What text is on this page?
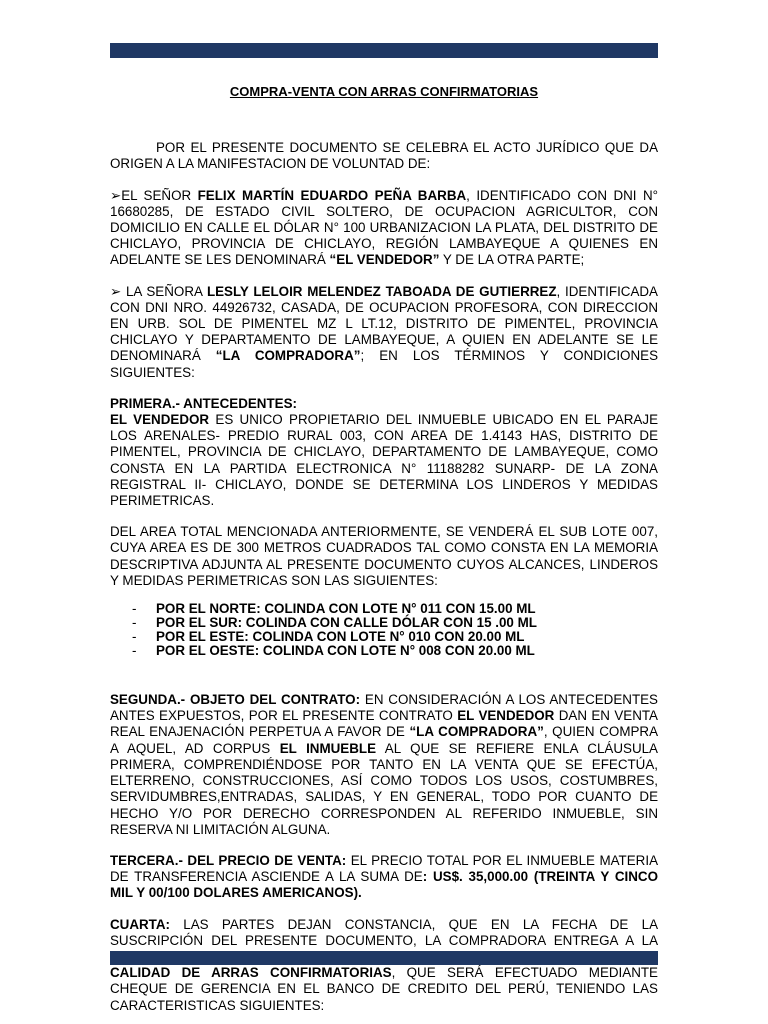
COMPRA-VENTA CON ARRAS CONFIRMATORIAS

POR EL PRESENTE DOCUMENTO SE CELEBRA EL ACTO JURÍDICO QUE DA ORIGEN A LA MANIFESTACION DE VOLUNTAD DE:

➢EL SEÑOR FELIX MARTÍN EDUARDO PEÑA BARBA, IDENTIFICADO CON DNI N° 16680285, DE ESTADO CIVIL SOLTERO, DE OCUPACION AGRICULTOR, CON DOMICILIO EN CALLE EL DÓLAR N° 100 URBANIZACION LA PLATA, DEL DISTRITO DE CHICLAYO, PROVINCIA DE CHICLAYO, REGIÓN LAMBAYEQUE A QUIENES EN ADELANTE SE LES DENOMINARÁ “EL VENDEDOR” Y DE LA OTRA PARTE;

➢ LA SEÑORA LESLY LELOIR MELENDEZ TABOADA DE GUTIERREZ, IDENTIFICADA CON DNI NRO. 44926732, CASADA, DE OCUPACION PROFESORA, CON DIRECCION EN URB. SOL DE PIMENTEL MZ L LT.12, DISTRITO DE PIMENTEL, PROVINCIA CHICLAYO Y DEPARTAMENTO DE LAMBAYEQUE, A QUIEN EN ADELANTE SE LE DENOMINARÁ “LA COMPRADORA”; EN LOS TÉRMINOS Y CONDICIONES SIGUIENTES:

PRIMERA.- ANTECEDENTES:

EL VENDEDOR ES UNICO PROPIETARIO DEL INMUEBLE UBICADO EN EL PARAJE LOS ARENALES- PREDIO RURAL 003, CON AREA DE 1.4143 HAS, DISTRITO DE PIMENTEL, PROVINCIA DE CHICLAYO, DEPARTAMENTO DE LAMBAYEQUE, COMO CONSTA EN LA PARTIDA ELECTRONICA N° 11188282 SUNARP- DE LA ZONA REGISTRAL II- CHICLAYO, DONDE SE DETERMINA LOS LINDEROS Y MEDIDAS PERIMETRICAS.

DEL AREA TOTAL MENCIONADA ANTERIORMENTE, SE VENDERÁ EL SUB LOTE 007, CUYA AREA ES DE 300 METROS CUADRADOS TAL COMO CONSTA EN LA MEMORIA DESCRIPTIVA ADJUNTA AL PRESENTE DOCUMENTO CUYOS ALCANCES, LINDEROS Y MEDIDAS PERIMETRICAS SON LAS SIGUIENTES:

-	POR EL NORTE: COLINDA CON LOTE N° 011 CON 15.00 ML
-	POR EL SUR: COLINDA CON CALLE DÓLAR CON 15 .00 ML
-	POR EL ESTE: COLINDA CON LOTE N° 010 CON 20.00 ML
-	POR EL OESTE: COLINDA CON LOTE N° 008 CON 20.00 ML

SEGUNDA.- OBJETO DEL CONTRATO: EN CONSIDERACIÓN A LOS ANTECEDENTES ANTES EXPUESTOS, POR EL PRESENTE CONTRATO EL VENDEDOR DAN EN VENTA REAL ENAJENACIÓN PERPETUA A FAVOR DE “LA COMPRADORA”, QUIEN COMPRA A AQUEL, AD CORPUS EL INMUEBLE AL QUE SE REFIERE ENLA CLÁUSULA PRIMERA, COMPRENDIÉNDOSE POR TANTO EN LA VENTA QUE SE EFECTÚA, ELTERRENO, CONSTRUCCIONES, ASÍ COMO TODOS LOS USOS, COSTUMBRES, SERVIDUMBRES,ENTRADAS, SALIDAS, Y EN GENERAL, TODO POR CUANTO DE HECHO Y/O POR DERECHO CORRESPONDEN AL REFERIDO INMUEBLE, SIN RESERVA NI LIMITACIÓN ALGUNA.

TERCERA.- DEL PRECIO DE VENTA: EL PRECIO TOTAL POR EL INMUEBLE MATERIA DE TRANSFERENCIA ASCIENDE A LA SUMA DE: US$. 35,000.00 (TREINTA Y CINCO MIL Y 00/100 DOLARES AMERICANOS).

CUARTA: LAS PARTES DEJAN CONSTANCIA, QUE EN LA FECHA DE LA SUSCRIPCIÓN DEL PRESENTE DOCUMENTO, LA COMPRADORA ENTREGA A LA CALIDAD DE ARRAS CONFIRMATORIAS, QUE SERÁ EFECTUADO MEDIANTE CHEQUE DE GERENCIA EN EL BANCO DE CREDITO DEL PERÚ, TENIENDO LAS CARACTERISTICAS SIGUIENTES:
